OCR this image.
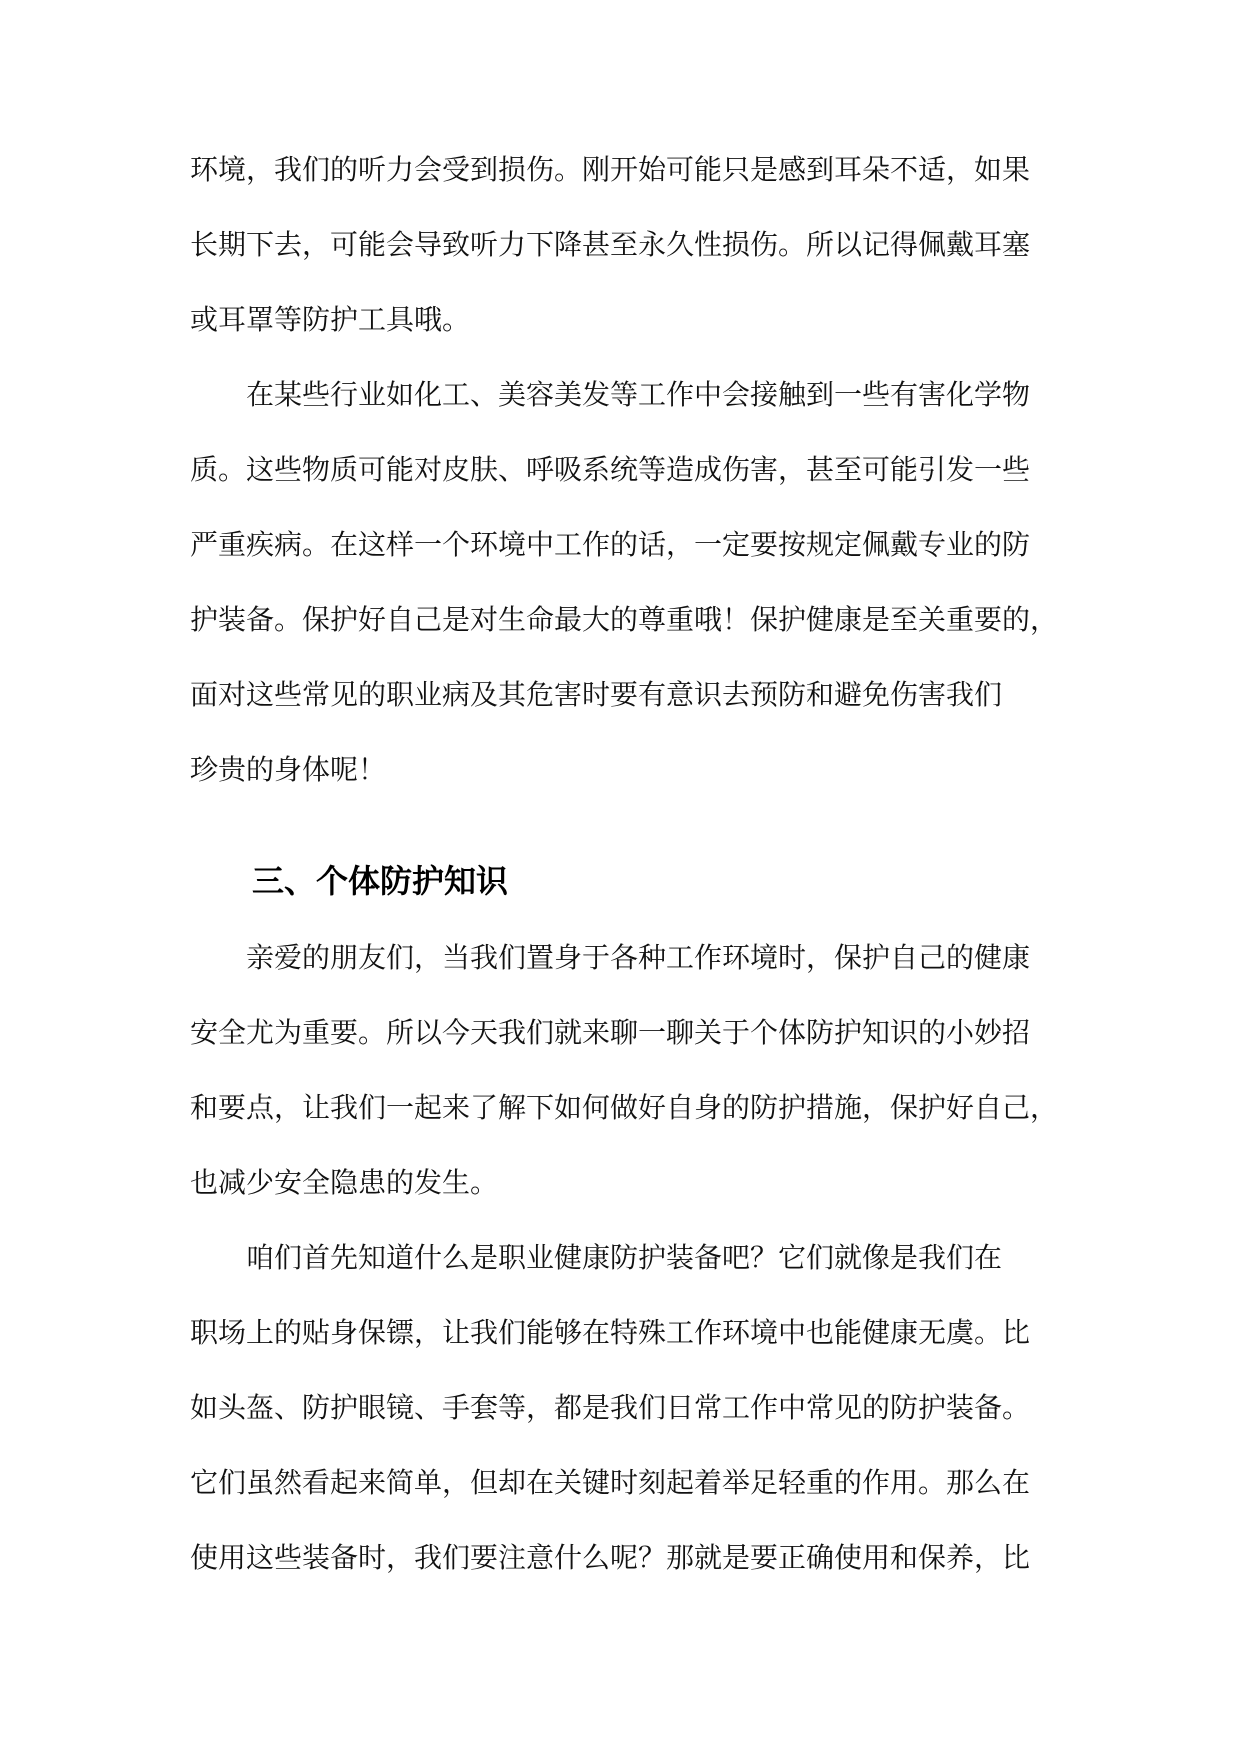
环境，我们的听力会受到损伤。刚开始可能只是感到耳朵不适，如果

长期下去，可能会导致听力下降甚至永久性损伤。所以记得佩戴耳塞

或耳罩等防护工具哦。

在某些行业如化工、美容美发等工作中会接触到一些有害化学物

质。这些物质可能对皮肤、呼吸系统等造成伤害，甚至可能引发一些

严重疾病。在这样一个环境中工作的话，一定要按规定佩戴专业的防

护装备。保护好自己是对生命最大的尊重哦！保护健康是至关重要的，

面对这些常见的职业病及其危害时要有意识去预防和避免伤害我们

珍贵的身体呢！

三、个体防护知识

亲爱的朋友们，当我们置身于各种工作环境时，保护自己的健康

安全尤为重要。所以今天我们就来聊一聊关于个体防护知识的小妙招

和要点，让我们一起来了解下如何做好自身的防护措施，保护好自己，

也减少安全隐患的发生。

咱们首先知道什么是职业健康防护装备吧？它们就像是我们在

职场上的贴身保镖，让我们能够在特殊工作环境中也能健康无虞。比

如头盔、防护眼镜、手套等，都是我们日常工作中常见的防护装备。

它们虽然看起来简单，但却在关键时刻起着举足轻重的作用。那么在

使用这些装备时，我们要注意什么呢？那就是要正确使用和保养，比
